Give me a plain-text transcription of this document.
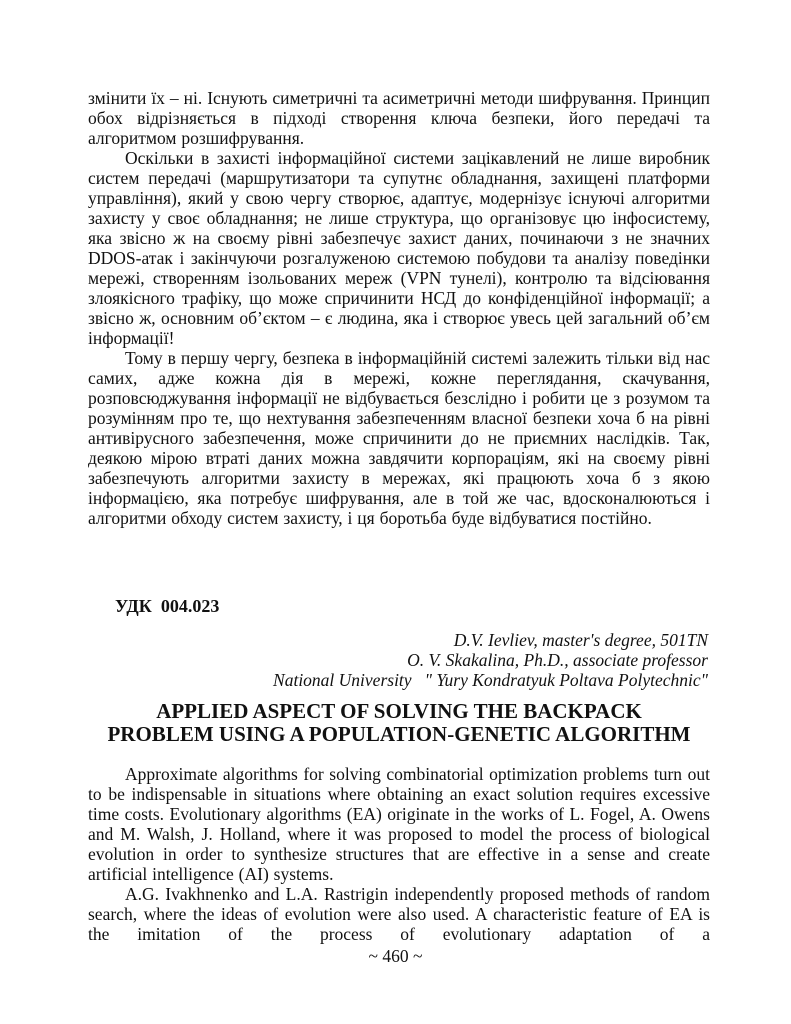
змінити їх – ні. Існують симетричні та асиметричні методи шифрування. Принцип обох відрізняється в підході створення ключа безпеки, його передачі та алгоритмом розшифрування.

Оскільки в захисті інформаційної системи зацікавлений не лише виробник систем передачі (маршрутизатори та супутнє обладнання, захищені платформи управління), який у свою чергу створює, адаптує, модернізує існуючі алгоритми захисту у своє обладнання; не лише структура, що організовує цю інфосистему, яка звісно ж на своєму рівні забезпечує захист даних, починаючи з не значних DDOS-атак і закінчуючи розгалуженою системою побудови та аналізу поведінки мережі, створенням ізольованих мереж (VPN тунелі), контролю та відсіювання злоякісного трафіку, що може спричинити НСД до конфіденційної інформації; а звісно ж, основним об’єктом – є людина, яка і створює увесь цей загальний об’єм інформації!

Тому в першу чергу, безпека в інформаційній системі залежить тільки від нас самих, адже кожна дія в мережі, кожне переглядання, скачування, розповсюджування інформації не відбувається безслідно і робити це з розумом та розумінням про те, що нехтування забезпеченням власної безпеки хоча б на рівні антивірусного забезпечення, може спричинити до не приємних наслідків. Так, деякою мірою втраті даних можна завдячити корпораціям, які на своєму рівні забезпечують алгоритми захисту в мережах, які працюють хоча б з якою інформацією, яка потребує шифрування, але в той же час, вдосконалюються і алгоритми обходу систем захисту, і ця боротьба буде відбуватися постійно.

УДК  004.023
D.V. Ievliev, master's degree, 501TN
O. V. Skakalina, Ph.D., associate professor
National University   " Yury Kondratyuk Poltava Polytechnic"
APPLIED ASPECT OF SOLVING THE BACKPACK
PROBLEM USING A POPULATION-GENETIC ALGORITHM

Approximate algorithms for solving combinatorial optimization problems turn out to be indispensable in situations where obtaining an exact solution requires excessive time costs. Evolutionary algorithms (EA) originate in the works of L. Fogel, A. Owens and M. Walsh, J. Holland, where it was proposed to model the process of biological evolution in order to synthesize structures that are effective in a sense and create artificial intelligence (AI) systems.

A.G. Ivakhnenko and L.A. Rastrigin independently proposed methods of random search, where the ideas of evolution were also used. A characteristic feature of EA is the imitation of the process of evolutionary adaptation of a

~ 460 ~
